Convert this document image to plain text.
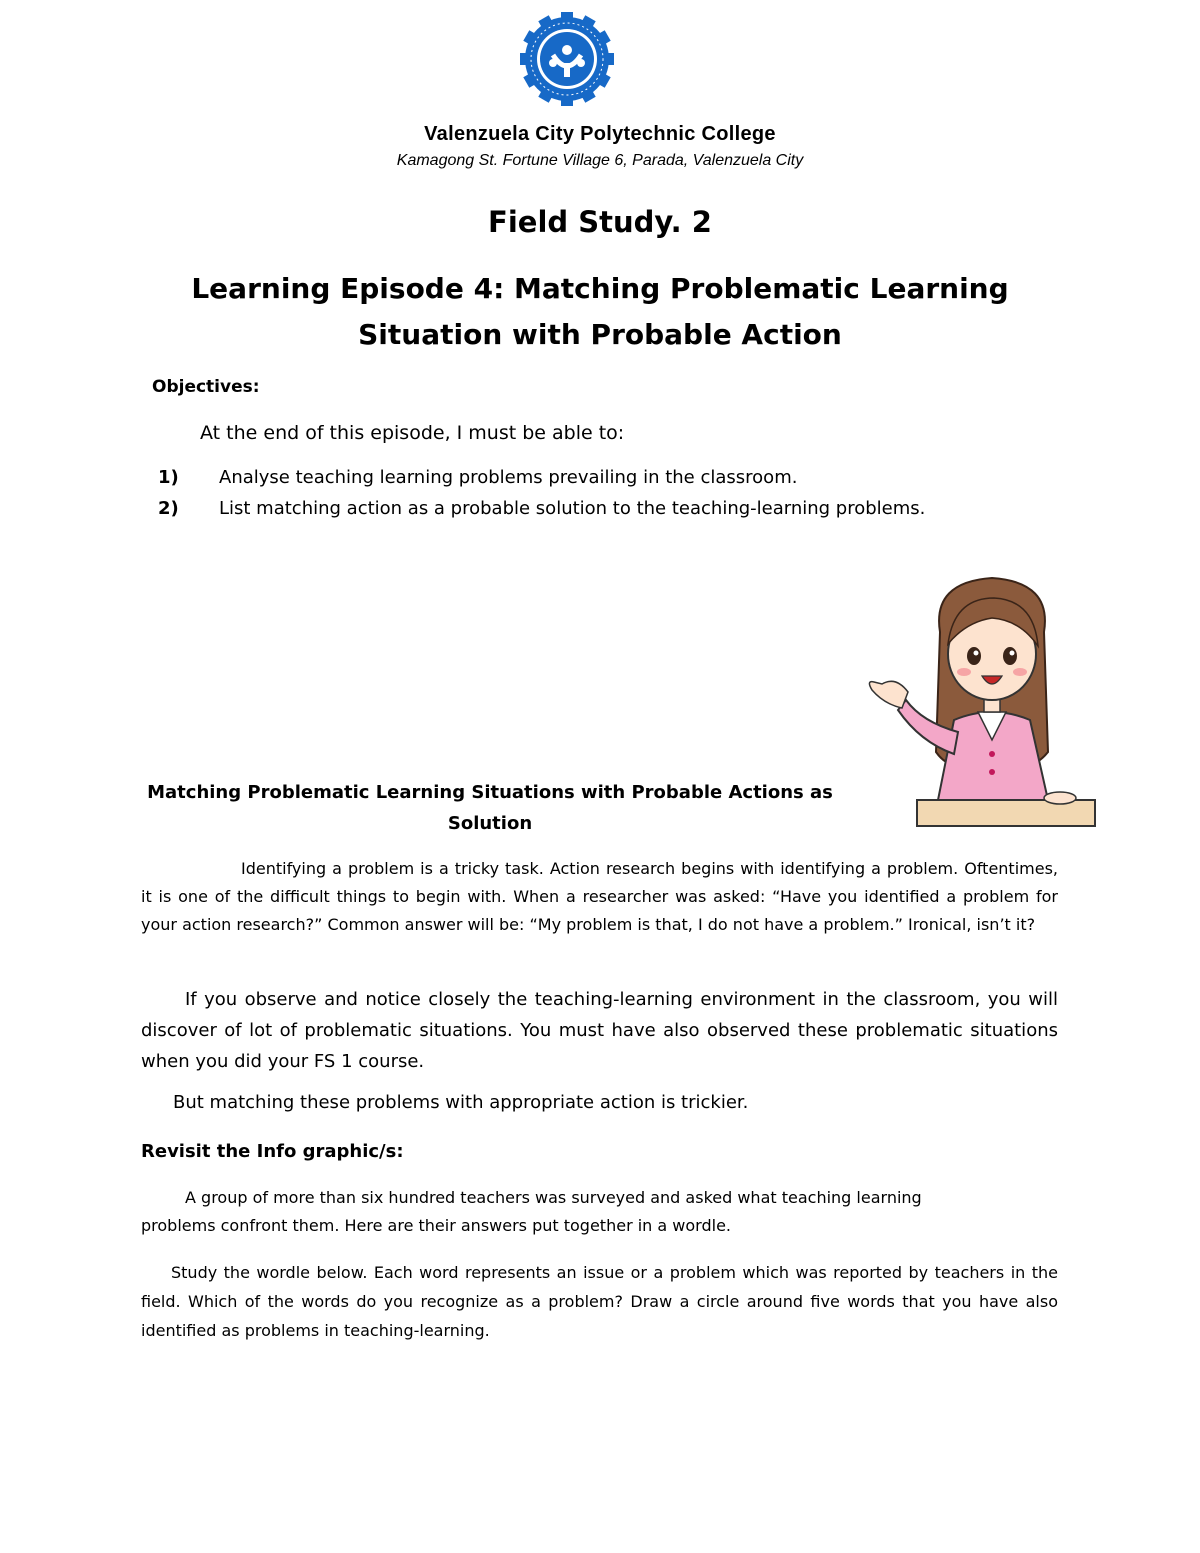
Valenzuela City Polytechnic College
Kamagong St. Fortune Village 6, Parada, Valenzuela City
Field Study. 2
Learning Episode 4: Matching Problematic Learning Situation with Probable Action
Objectives:
At the end of this episode, I must be able to:
1) Analyse teaching learning problems prevailing in the classroom.
2) List matching action as a probable solution to the teaching-learning problems.
Matching Problematic Learning Situations with Probable Actions as Solution

Identifying a problem is a tricky task. Action research begins with identifying a problem. Oftentimes, it is one of the difficult things to begin with. When a researcher was asked: “Have you identified a problem for your action research?” Common answer will be: “My problem is that, I do not have a problem.” Ironical, isn’t it?

If you observe and notice closely the teaching-learning environment in the classroom, you will discover of lot of problematic situations. You must have also observed these problematic situations when you did your FS 1 course.

But matching these problems with appropriate action is trickier.

Revisit the Info graphic/s:

A group of more than six hundred teachers was surveyed and asked what teaching learning problems confront them. Here are their answers put together in a wordle.

Study the wordle below. Each word represents an issue or a problem which was reported by teachers in the field. Which of the words do you recognize as a problem? Draw a circle around five words that you have also identified as problems in teaching-learning.
